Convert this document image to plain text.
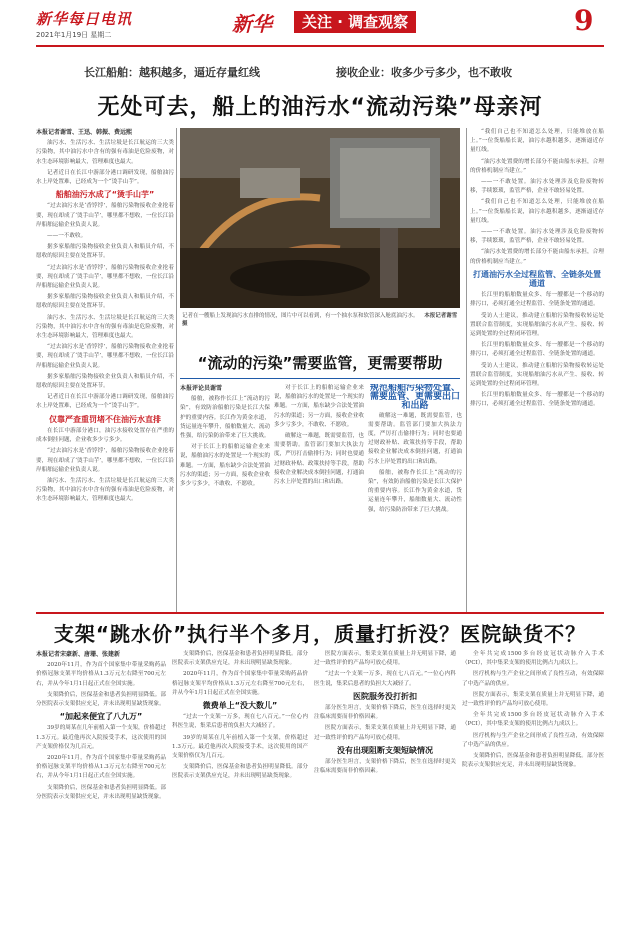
新华每日电讯
2021年1月19日 星期二	新华	关注 · 调查观察	9
长江船舶：越积越多，逼近存量红线	接收企业：收多少亏多少，也不敢收
无处可去，船上的油污水“流动污染”母亲河
本报记者谢雪、王迅、韩振、费远熙

油污水、生活污水、生活垃圾是长江航运的三大类污染物，其中油污水中含有的强有毒油是危险废物，对水生态环境影响最大，管理难度也最大。

记者近日在长江中游部分港口调研发现，船舶油污水上岸处置难，已经成为一个“烫手山芋”。

船舶油污水成了“烫手山芋”

“过去油污水是‘香饽饽’，船舶污染物接收企业抢着要，现在却成了‘烫手山芋’，哪里都不想收，一位长江沿岸船舶运输企业负责人说。

——一不敢收。

据多家船舶污染物接收企业负责人和船员介绍，不愿收的原因主要在处置环节。

“过去油污水是‘香饽饽’，船舶污染物接收企业抢着要，现在却成了‘烫手山芋’，哪里都不想收，一位长江沿岸船舶运输企业负责人说。

据多家船舶污染物接收企业负责人和船员介绍，不愿收的原因主要在处置环节。

油污水、生活污水、生活垃圾是长江航运的三大类污染物，其中油污水中含有的强有毒油是危险废物，对水生态环境影响最大，管理难度也最大。

“过去油污水是‘香饽饽’，船舶污染物接收企业抢着要，现在却成了‘烫手山芋’，哪里都不想收，一位长江沿岸船舶运输企业负责人说。

据多家船舶污染物接收企业负责人和船员介绍，不愿收的原因主要在处置环节。

记者近日在长江中游部分港口调研发现，船舶油污水上岸处置难，已经成为一个“烫手山芋”。

仅靠严查重罚堵不住油污水直排

在长江中游部分港口，油污水接收处置存在严重的成本倒挂问题，企业收多少亏多少。

“过去油污水是‘香饽饽’，船舶污染物接收企业抢着要，现在却成了‘烫手山芋’，哪里都不想收，一位长江沿岸船舶运输企业负责人说。

油污水、生活污水、生活垃圾是长江航运的三大类污染物，其中油污水中含有的强有毒油是危险废物，对水生态环境影响最大，管理难度也最大。

记者在一艘船上发现油污水直排的情况，图片中可以看到，有一个抽水泵和软管深入舱底油污水。 本报记者谢雪摄

“我们自己也不知道怎么处理，只能堆放在船上。”一位货船船长说，油污水越积越多，逐渐逼近存量红线。

“油污水处置费的增长部分不能由船东承担，合理的价格机制应当建立。”

——一不敢处置。油污水处理涉及危险废物转移，手续繁琐，监管严格，企业不敢轻易处置。

“我们自己也不知道怎么处理，只能堆放在船上。”一位货船船长说，油污水越积越多，逐渐逼近存量红线。

——一不敢处置。油污水处理涉及危险废物转移，手续繁琐，监管严格，企业不敢轻易处置。

“油污水处置费的增长部分不能由船东承担，合理的价格机制应当建立。”

打通油污水全过程监管、全链条处置通道

长江里的船舶数量众多、每一艘都是一个移动的排污口，必须打通全过程监管、全链条处置的通道。

受访人士建议，推动建立船舶污染物接收转运处置联合监管制度，实现船舶油污水从产生、接收、转运到处置的全过程闭环管理。

长江里的船舶数量众多、每一艘都是一个移动的排污口，必须打通全过程监管、全链条处置的通道。

受访人士建议，推动建立船舶污染物接收转运处置联合监管制度，实现船舶油污水从产生、接收、转运到处置的全过程闭环管理。

长江里的船舶数量众多、每一艘都是一个移动的排污口，必须打通全过程监管、全链条处置的通道。

“流动的污染”需要监管，更需要帮助
本报评论员谢雪

船舶，被称作长江上“流动的污染”，有效防治船舶污染是长江大保护的重要内容。长江作为黄金水道，货运量连年攀升，船舶数量大、流动性强，给污染防治带来了巨大挑战。

对于长江上的船舶运输企业来说，船舶油污水的处置是一个现实的难题。一方面，船东缺少合法处置油污水的渠道；另一方面，接收企业收多少亏多少，不敢收、不愿收。

对于长江上的船舶运输企业来说，船舶油污水的处置是一个现实的难题。一方面，船东缺少合法处置油污水的渠道；另一方面，接收企业收多少亏多少，不敢收、不愿收。

破解这一难题，既需要监管，也需要帮助。监管部门要加大执法力度，严厉打击偷排行为；同时也要通过财政补贴、政策扶持等手段，帮助接收企业解决成本倒挂问题，打通油污水上岸处置的出口和出路。

规范船舶污染物处置、需要监管、更需要出口和出路

破解这一难题，既需要监管，也需要帮助。监管部门要加大执法力度，严厉打击偷排行为；同时也要通过财政补贴、政策扶持等手段，帮助接收企业解决成本倒挂问题，打通油污水上岸处置的出口和出路。

船舶，被称作长江上“流动的污染”，有效防治船舶污染是长江大保护的重要内容。长江作为黄金水道，货运量连年攀升，船舶数量大、流动性强，给污染防治带来了巨大挑战。

支架“跳水价”执行半个多月，质量打折没？医院缺货不？
本报记者宋豪新、唐珊、张建新

2020年11月，作为首个国家集中带量采购药品价格冠脉支架平均价格从1.3万元左右降至700元左右，并从今年1月1日起正式在全国实施。

支架降价后，医保基金和患者负担明显降低。部分医院表示支架供应充足，并未出现明显缺货现象。

“加起来便宜了八九万”

39岁的周某在几年前植入第一个支架，价格超过1.3万元。最近他再次入院接受手术，这次使用的国产支架价格仅为几百元。

2020年11月，作为首个国家集中带量采购药品价格冠脉支架平均价格从1.3万元左右降至700元左右，并从今年1月1日起正式在全国实施。

支架降价后，医保基金和患者负担明显降低。部分医院表示支架供应充足，并未出现明显缺货现象。

支架降价后，医保基金和患者负担明显降低。部分医院表示支架供应充足，并未出现明显缺货现象。

2020年11月，作为首个国家集中带量采购药品价格冠脉支架平均价格从1.3万元左右降至700元左右，并从今年1月1日起正式在全国实施。

微费单上“没大数儿”

“过去一个支架一万多，现在七八百元。”一位心内科医生说，集采后患者的负担大大减轻了。

39岁的周某在几年前植入第一个支架，价格超过1.3万元。最近他再次入院接受手术，这次使用的国产支架价格仅为几百元。

支架降价后，医保基金和患者负担明显降低。部分医院表示支架供应充足，并未出现明显缺货现象。

医院方面表示，集采支架在质量上并无明显下降，通过一致性评价的产品均可放心使用。

“过去一个支架一万多，现在七八百元。”一位心内科医生说，集采后患者的负担大大减轻了。

医院服务没打折扣

部分医生坦言，支架价格下降后，医生在选择时更关注临床需要而非价格因素。

医院方面表示，集采支架在质量上并无明显下降，通过一致性评价的产品均可放心使用。

没有出现阻断支架短缺情况

部分医生坦言，支架价格下降后，医生在选择时更关注临床需要而非价格因素。

全年共完成1500多台经皮冠状动脉介入手术（PCI），其中集采支架的使用比例占九成以上。

医疗机构与生产企业之间形成了良性互动，有效保障了中选产品的供应。

医院方面表示，集采支架在质量上并无明显下降，通过一致性评价的产品均可放心使用。

全年共完成1500多台经皮冠状动脉介入手术（PCI），其中集采支架的使用比例占九成以上。

医疗机构与生产企业之间形成了良性互动，有效保障了中选产品的供应。

支架降价后，医保基金和患者负担明显降低。部分医院表示支架供应充足，并未出现明显缺货现象。
